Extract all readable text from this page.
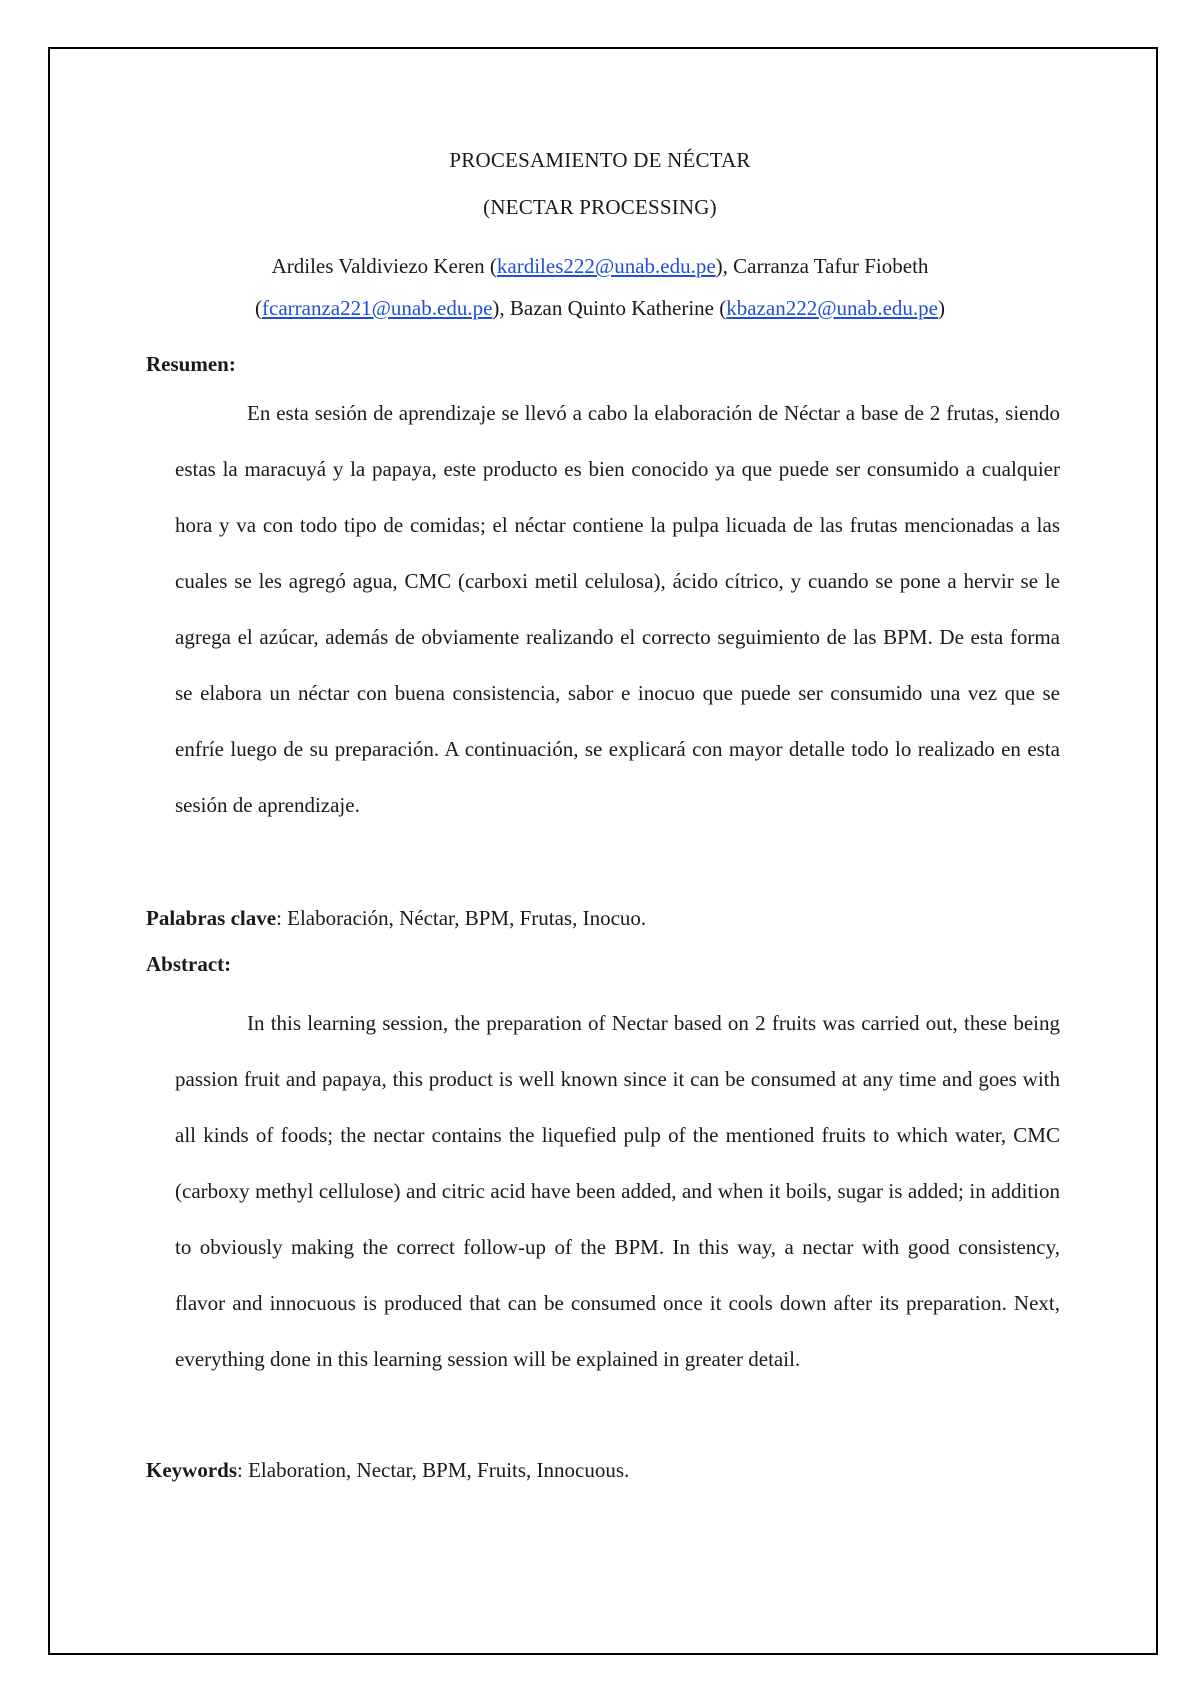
PROCESAMIENTO DE NÉCTAR
(NECTAR PROCESSING)
Ardiles Valdiviezo Keren (kardiles222@unab.edu.pe), Carranza Tafur Fiobeth (fcarranza221@unab.edu.pe), Bazan Quinto Katherine (kbazan222@unab.edu.pe)
Resumen:
En esta sesión de aprendizaje se llevó a cabo la elaboración de Néctar a base de 2 frutas, siendo estas la maracuyá y la papaya, este producto es bien conocido ya que puede ser consumido a cualquier hora y va con todo tipo de comidas; el néctar contiene la pulpa licuada de las frutas mencionadas a las cuales se les agregó agua, CMC (carboxi metil celulosa), ácido cítrico, y cuando se pone a hervir se le agrega el azúcar, además de obviamente realizando el correcto seguimiento de las BPM. De esta forma se elabora un néctar con buena consistencia, sabor e inocuo que puede ser consumido una vez que se enfríe luego de su preparación. A continuación, se explicará con mayor detalle todo lo realizado en esta sesión de aprendizaje.
Palabras clave: Elaboración, Néctar, BPM, Frutas, Inocuo.
Abstract:
In this learning session, the preparation of Nectar based on 2 fruits was carried out, these being passion fruit and papaya, this product is well known since it can be consumed at any time and goes with all kinds of foods; the nectar contains the liquefied pulp of the mentioned fruits to which water, CMC (carboxy methyl cellulose) and citric acid have been added, and when it boils, sugar is added; in addition to obviously making the correct follow-up of the BPM. In this way, a nectar with good consistency, flavor and innocuous is produced that can be consumed once it cools down after its preparation. Next, everything done in this learning session will be explained in greater detail.
Keywords: Elaboration, Nectar, BPM, Fruits, Innocuous.
